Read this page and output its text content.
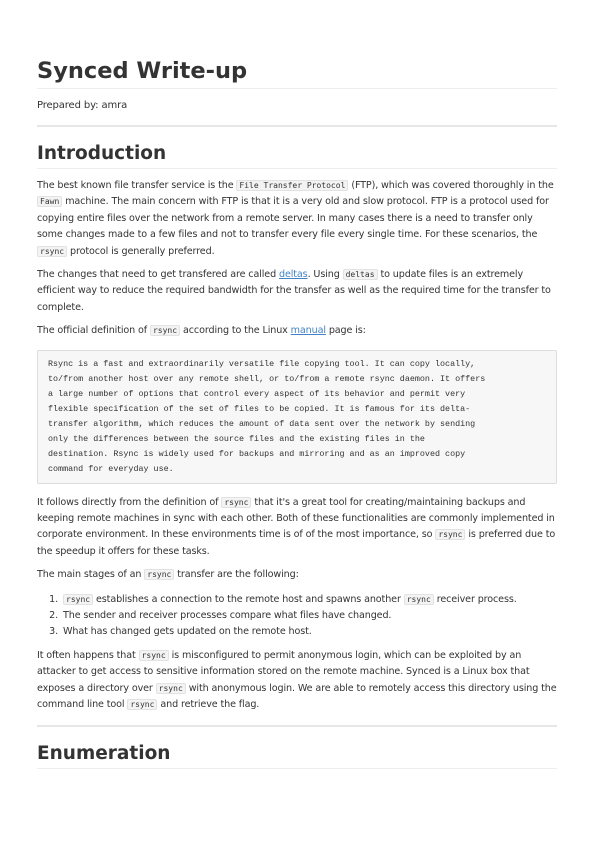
Synced Write-up

Prepared by: amra

Introduction

The best known file transfer service is the File Transfer Protocol (FTP), which was covered thoroughly in the Fawn machine. The main concern with FTP is that it is a very old and slow protocol. FTP is a protocol used for copying entire files over the network from a remote server. In many cases there is a need to transfer only some changes made to a few files and not to transfer every file every single time. For these scenarios, the rsync protocol is generally preferred.

The changes that need to get transfered are called deltas. Using deltas to update files is an extremely efficient way to reduce the required bandwidth for the transfer as well as the required time for the transfer to complete.

The official definition of rsync according to the Linux manual page is:

Rsync is a fast and extraordinarily versatile file copying tool. It can copy locally,
to/from another host over any remote shell, or to/from a remote rsync daemon. It offers
a large number of options that control every aspect of its behavior and permit very
flexible specification of the set of files to be copied. It is famous for its delta-
transfer algorithm, which reduces the amount of data sent over the network by sending
only the differences between the source files and the existing files in the
destination. Rsync is widely used for backups and mirroring and as an improved copy
command for everyday use.

It follows directly from the definition of rsync that it's a great tool for creating/maintaining backups and keeping remote machines in sync with each other. Both of these functionalities are commonly implemented in corporate environment. In these environments time is of of the most importance, so rsync is preferred due to the speedup it offers for these tasks.

The main stages of an rsync transfer are the following:

1. rsync establishes a connection to the remote host and spawns another rsync receiver process.
2. The sender and receiver processes compare what files have changed.
3. What has changed gets updated on the remote host.

It often happens that rsync is misconfigured to permit anonymous login, which can be exploited by an attacker to get access to sensitive information stored on the remote machine. Synced is a Linux box that exposes a directory over rsync with anonymous login. We are able to remotely access this directory using the command line tool rsync and retrieve the flag.

Enumeration
